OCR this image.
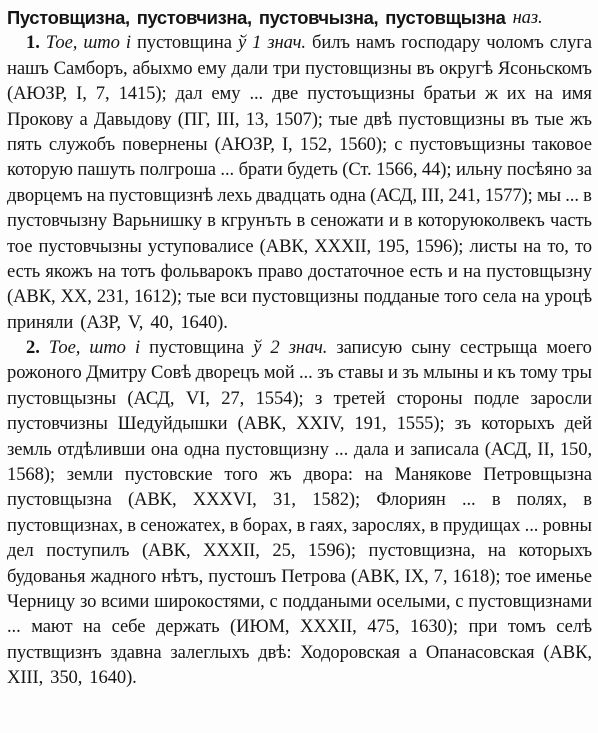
Пустовщизна, пустовчизна, пустовчызна, пустовщызна наз.
1. Тое, што і пустовщина ў 1 знач. билъ намъ господару чоломъ слуга
нашъ Самборъ, абыхмо ему дали три пустовщизны въ округѣ Ясоньскомъ
(АЮЗР, I, 7, 1415); дал ему ... две пустоъщизны братьи ж их на имя
Прокову а Давыдову (ПГ, III, 13, 1507); тые двѣ пустовщизны въ тые жъ
пять служобъ повернены (АЮЗР, I, 152, 1560); с пустовъщизны таковое
которую пашуть полгроша ... брати будеть (Ст. 1566, 44); ильну посѣяно за
дворцемъ на пустовщизнѣ лехь двадцать одна (АСД, III, 241, 1577); мы ... в
пустовчызну Варьнишку в кгрунъть в сеножати и в которуюколвекъ часть
тое пустовчызны уступовалисе (АВК, XXXII, 195, 1596); листы на то, то
есть якожъ на тотъ фольварокъ право достаточное есть и на пустовщызну
(АВК, XX, 231, 1612); тые вси пустовщизны подданые того села на уроцѣ
приняли (АЗР, V, 40, 1640).
2. Тое, што і пустовщина ў 2 знач. записую сыну сестрыща моего
рожоного Дмитру Совѣ дворецъ мой ... зъ ставы и зъ млыны и къ тому тры
пустовщызны (АСД, VI, 27, 1554); з третей стороны подле заросли
пустовчизны Шедуйдышки (АВК, XXIV, 191, 1555); зъ которыхъ дей
земль отдѣливши она одна пустовщизну ... дала и записала (АСД, II, 150,
1568); земли пустовские того жъ двора: на Манякове Петровщызна
пустовщызна (АВК, XXXVI, 31, 1582); Флориян ... в полях, в
пустовщизнах, в сеножатех, в борах, в гаях, зарослях, в прудищах ... ровны
дел поступилъ (АВК, XXXII, 25, 1596); пустовщизна, на которыхъ
будованья жадного нѣтъ, пустошъ Петрова (АВК, IX, 7, 1618); тое именье
Черницу зо всими широкостями, с поддаными оселыми, с пустовщизнами
... мают на себе держать (ИЮМ, XXXII, 475, 1630); при томъ селѣ
пуствщизнъ здавна залеглыхъ двѣ: Ходоровская а Опанасовская (АВК,
XIII, 350, 1640).
